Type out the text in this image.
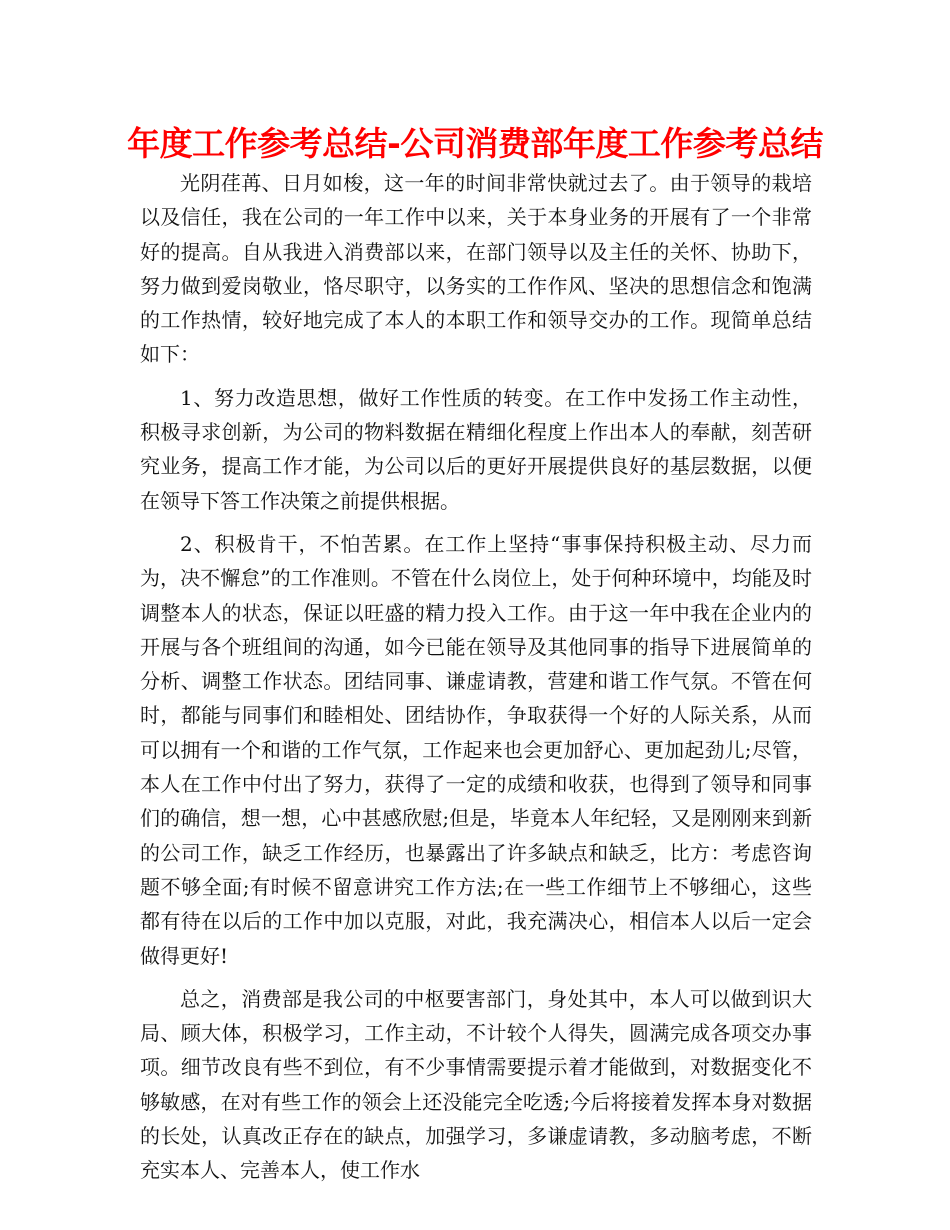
年度工作参考总结-公司消费部年度工作参考总结

光阴荏苒、日月如梭，这一年的时间非常快就过去了。由于领导的栽培以及信任，我在公司的一年工作中以来，关于本身业务的开展有了一个非常好的提高。自从我进入消费部以来，在部门领导以及主任的关怀、协助下，努力做到爱岗敬业，恪尽职守，以务实的工作作风、坚决的思想信念和饱满的工作热情，较好地完成了本人的本职工作和领导交办的工作。现简单总结如下：

1、努力改造思想，做好工作性质的转变。在工作中发扬工作主动性，积极寻求创新，为公司的物料数据在精细化程度上作出本人的奉献，刻苦研究业务，提高工作才能，为公司以后的更好开展提供良好的基层数据，以便在领导下答工作决策之前提供根据。

2、积极肯干，不怕苦累。在工作上坚持“事事保持积极主动、尽力而为，决不懈怠”的工作准则。不管在什么岗位上，处于何种环境中，均能及时调整本人的状态，保证以旺盛的精力投入工作。由于这一年中我在企业内的开展与各个班组间的沟通，如今已能在领导及其他同事的指导下进展简单的分析、调整工作状态。团结同事、谦虚请教，营建和谐工作气氛。不管在何时，都能与同事们和睦相处、团结协作，争取获得一个好的人际关系，从而可以拥有一个和谐的工作气氛，工作起来也会更加舒心、更加起劲儿;尽管，本人在工作中付出了努力，获得了一定的成绩和收获，也得到了领导和同事们的确信，想一想，心中甚感欣慰;但是，毕竟本人年纪轻，又是刚刚来到新的公司工作，缺乏工作经历，也暴露出了许多缺点和缺乏，比方：考虑咨询题不够全面;有时候不留意讲究工作方法;在一些工作细节上不够细心，这些都有待在以后的工作中加以克服，对此，我充满决心，相信本人以后一定会做得更好!

总之，消费部是我公司的中枢要害部门，身处其中，本人可以做到识大局、顾大体，积极学习，工作主动，不计较个人得失，圆满完成各项交办事项。细节改良有些不到位，有不少事情需要提示着才能做到，对数据变化不够敏感，在对有些工作的领会上还没能完全吃透;今后将接着发挥本身对数据的长处，认真改正存在的缺点，加强学习，多谦虚请教，多动脑考虑，不断充实本人、完善本人，使工作水
